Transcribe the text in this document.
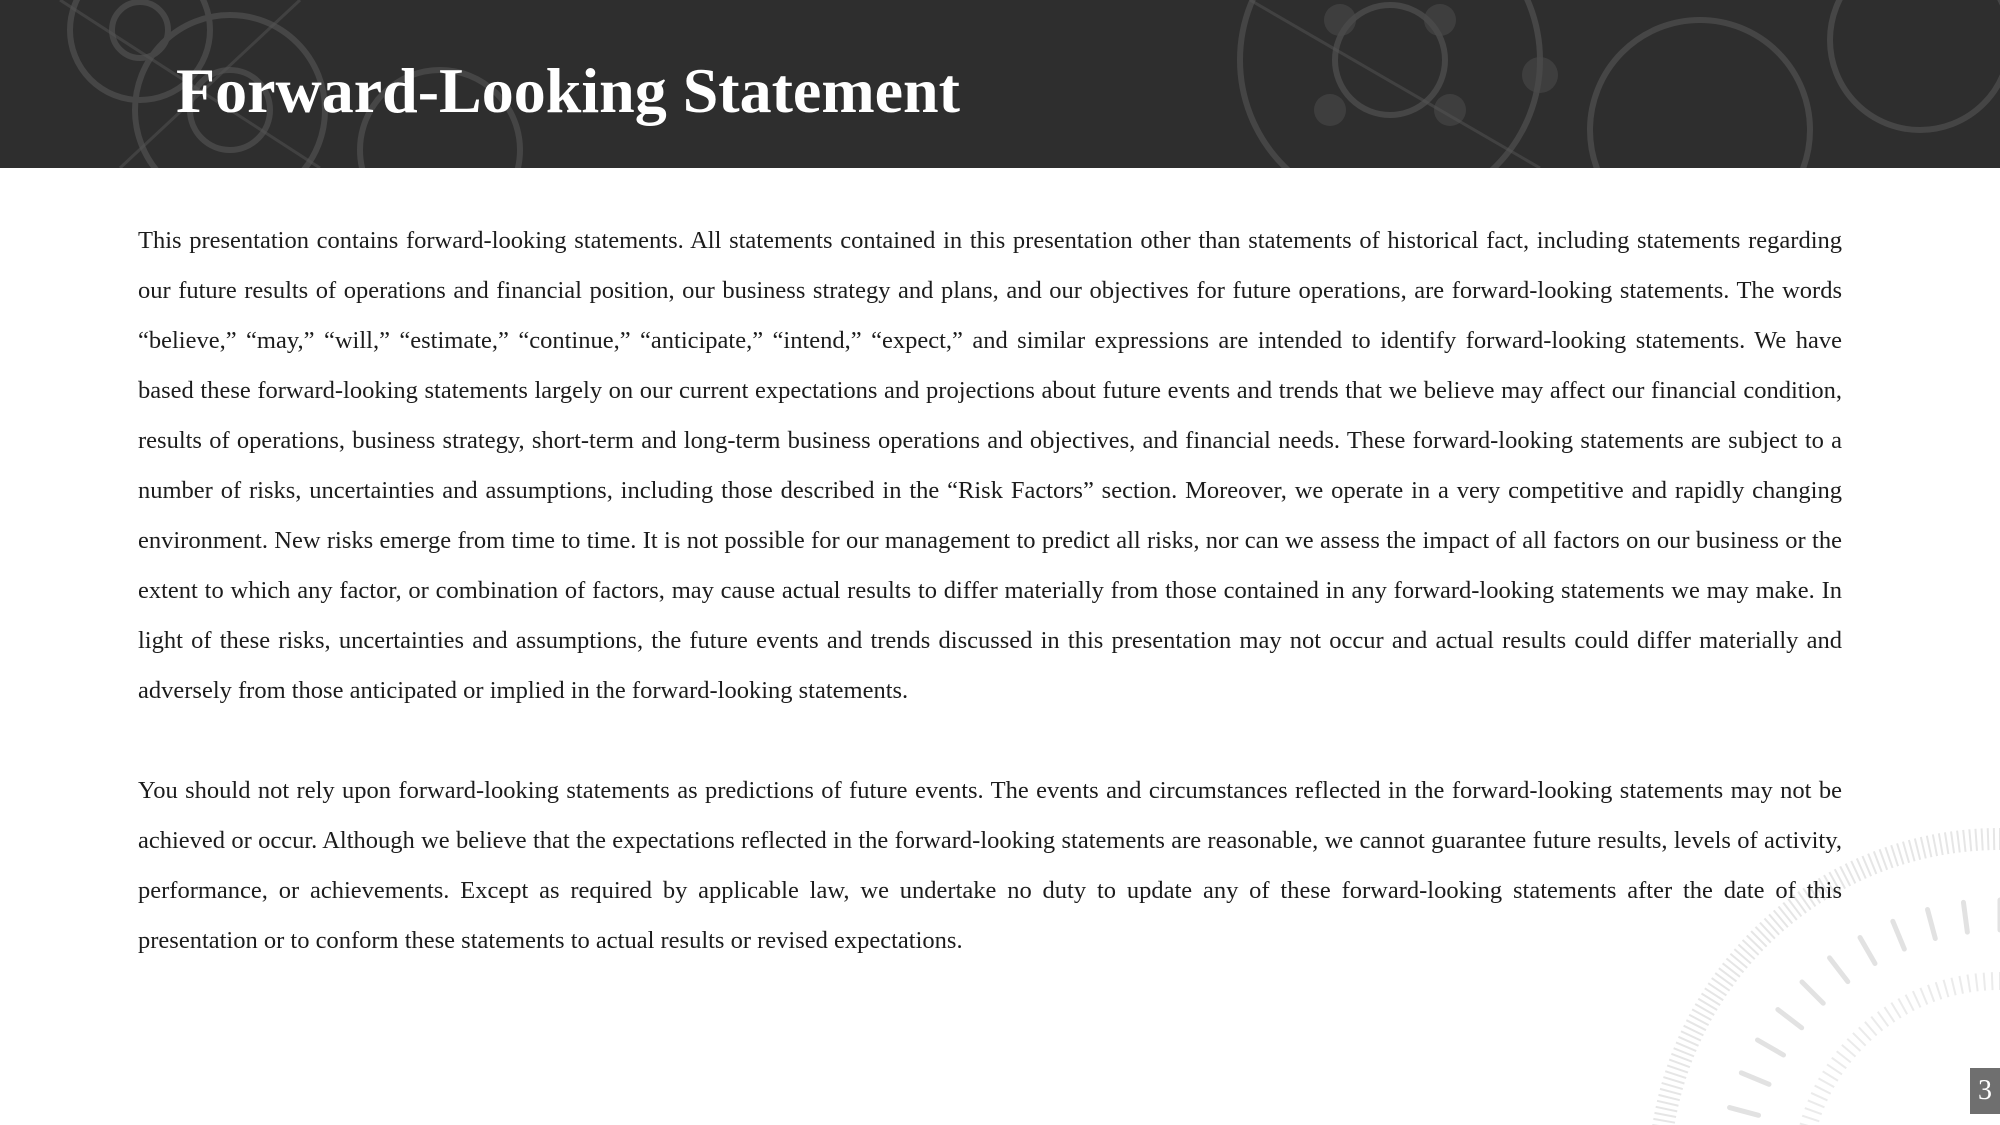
Forward-Looking Statement

This presentation contains forward-looking statements. All statements contained in this presentation other than statements of historical fact, including statements regarding our future results of operations and financial position, our business strategy and plans, and our objectives for future operations, are forward-looking statements. The words “believe,” “may,” “will,” “estimate,” “continue,” “anticipate,” “intend,” “expect,” and similar expressions are intended to identify forward-looking statements. We have based these forward-looking statements largely on our current expectations and projections about future events and trends that we believe may affect our financial condition, results of operations, business strategy, short-term and long-term business operations and objectives, and financial needs. These forward-looking statements are subject to a number of risks, uncertainties and assumptions, including those described in the “Risk Factors” section. Moreover, we operate in a very competitive and rapidly changing environment. New risks emerge from time to time. It is not possible for our management to predict all risks, nor can we assess the impact of all factors on our business or the extent to which any factor, or combination of factors, may cause actual results to differ materially from those contained in any forward-looking statements we may make. In light of these risks, uncertainties and assumptions, the future events and trends discussed in this presentation may not occur and actual results could differ materially and adversely from those anticipated or implied in the forward-looking statements.

You should not rely upon forward-looking statements as predictions of future events. The events and circumstances reflected in the forward-looking statements may not be achieved or occur. Although we believe that the expectations reflected in the forward-looking statements are reasonable, we cannot guarantee future results, levels of activity, performance, or achievements. Except as required by applicable law, we undertake no duty to update any of these forward-looking statements after the date of this presentation or to conform these statements to actual results or revised expectations.

3
